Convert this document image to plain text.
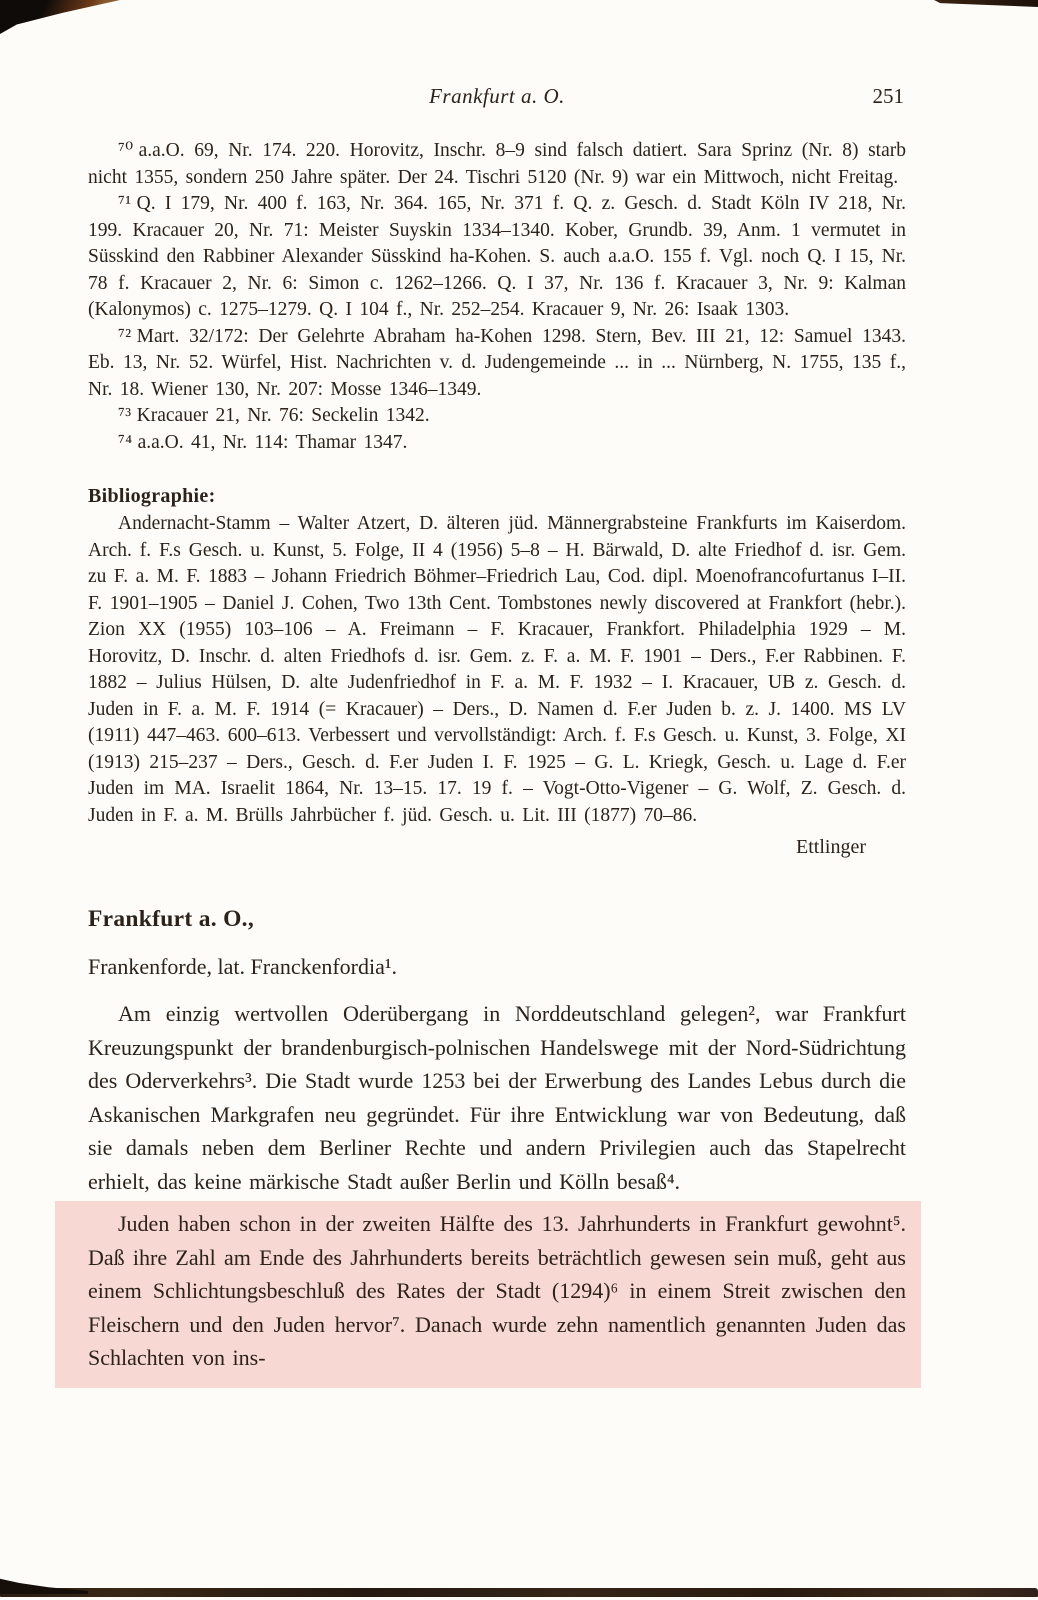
Frankfurt a. O.	251

⁷⁰ a.a.O. 69, Nr. 174. 220. Horovitz, Inschr. 8–9 sind falsch datiert. Sara Sprinz (Nr. 8) starb nicht 1355, sondern 250 Jahre später. Der 24. Tischri 5120 (Nr. 9) war ein Mittwoch, nicht Freitag.

⁷¹ Q. I 179, Nr. 400 f. 163, Nr. 364. 165, Nr. 371 f. Q. z. Gesch. d. Stadt Köln IV 218, Nr. 199. Kracauer 20, Nr. 71: Meister Suyskin 1334–1340. Kober, Grundb. 39, Anm. 1 vermutet in Süsskind den Rabbiner Alexander Süsskind ha-Kohen. S. auch a.a.O. 155 f. Vgl. noch Q. I 15, Nr. 78 f. Kracauer 2, Nr. 6: Simon c. 1262–1266. Q. I 37, Nr. 136 f. Kracauer 3, Nr. 9: Kalman (Kalonymos) c. 1275–1279. Q. I 104 f., Nr. 252–254. Kracauer 9, Nr. 26: Isaak 1303.

⁷² Mart. 32/172: Der Gelehrte Abraham ha-Kohen 1298. Stern, Bev. III 21, 12: Samuel 1343. Eb. 13, Nr. 52. Würfel, Hist. Nachrichten v. d. Judengemeinde ... in ... Nürnberg, N. 1755, 135 f., Nr. 18. Wiener 130, Nr. 207: Mosse 1346–1349.

⁷³ Kracauer 21, Nr. 76: Seckelin 1342.

⁷⁴ a.a.O. 41, Nr. 114: Thamar 1347.

Bibliographie:

Andernacht-Stamm – Walter Atzert, D. älteren jüd. Männergrabsteine Frankfurts im Kaiserdom. Arch. f. F.s Gesch. u. Kunst, 5. Folge, II 4 (1956) 5–8 – H. Bärwald, D. alte Friedhof d. isr. Gem. zu F. a. M. F. 1883 – Johann Friedrich Böhmer–Friedrich Lau, Cod. dipl. Moenofrancofurtanus I–II. F. 1901–1905 – Daniel J. Cohen, Two 13th Cent. Tombstones newly discovered at Frankfort (hebr.). Zion XX (1955) 103–106 – A. Freimann – F. Kracauer, Frankfort. Philadelphia 1929 – M. Horovitz, D. Inschr. d. alten Friedhofs d. isr. Gem. z. F. a. M. F. 1901 – Ders., F.er Rabbinen. F. 1882 – Julius Hülsen, D. alte Judenfriedhof in F. a. M. F. 1932 – I. Kracauer, UB z. Gesch. d. Juden in F. a. M. F. 1914 (= Kracauer) – Ders., D. Namen d. F.er Juden b. z. J. 1400. MS LV (1911) 447–463. 600–613. Verbessert und vervollständigt: Arch. f. F.s Gesch. u. Kunst, 3. Folge, XI (1913) 215–237 – Ders., Gesch. d. F.er Juden I. F. 1925 – G. L. Kriegk, Gesch. u. Lage d. F.er Juden im MA. Israelit 1864, Nr. 13–15. 17. 19 f. – Vogt-Otto-Vigener – G. Wolf, Z. Gesch. d. Juden in F. a. M. Brülls Jahrbücher f. jüd. Gesch. u. Lit. III (1877) 70–86.

Ettlinger

Frankfurt a. O.,

Frankenforde, lat. Franckenfordia¹.

Am einzig wertvollen Oderübergang in Norddeutschland gelegen², war Frankfurt Kreuzungspunkt der brandenburgisch-polnischen Handelswege mit der Nord-Südrichtung des Oderverkehrs³. Die Stadt wurde 1253 bei der Erwerbung des Landes Lebus durch die Askanischen Markgrafen neu gegründet. Für ihre Entwicklung war von Bedeutung, daß sie damals neben dem Berliner Rechte und andern Privilegien auch das Stapelrecht erhielt, das keine märkische Stadt außer Berlin und Kölln besaß⁴.

Juden haben schon in der zweiten Hälfte des 13. Jahrhunderts in Frankfurt gewohnt⁵. Daß ihre Zahl am Ende des Jahrhunderts bereits beträchtlich gewesen sein muß, geht aus einem Schlichtungsbeschluß des Rates der Stadt (1294)⁶ in einem Streit zwischen den Fleischern und den Juden hervor⁷. Danach wurde zehn namentlich genannten Juden das Schlachten von ins-
